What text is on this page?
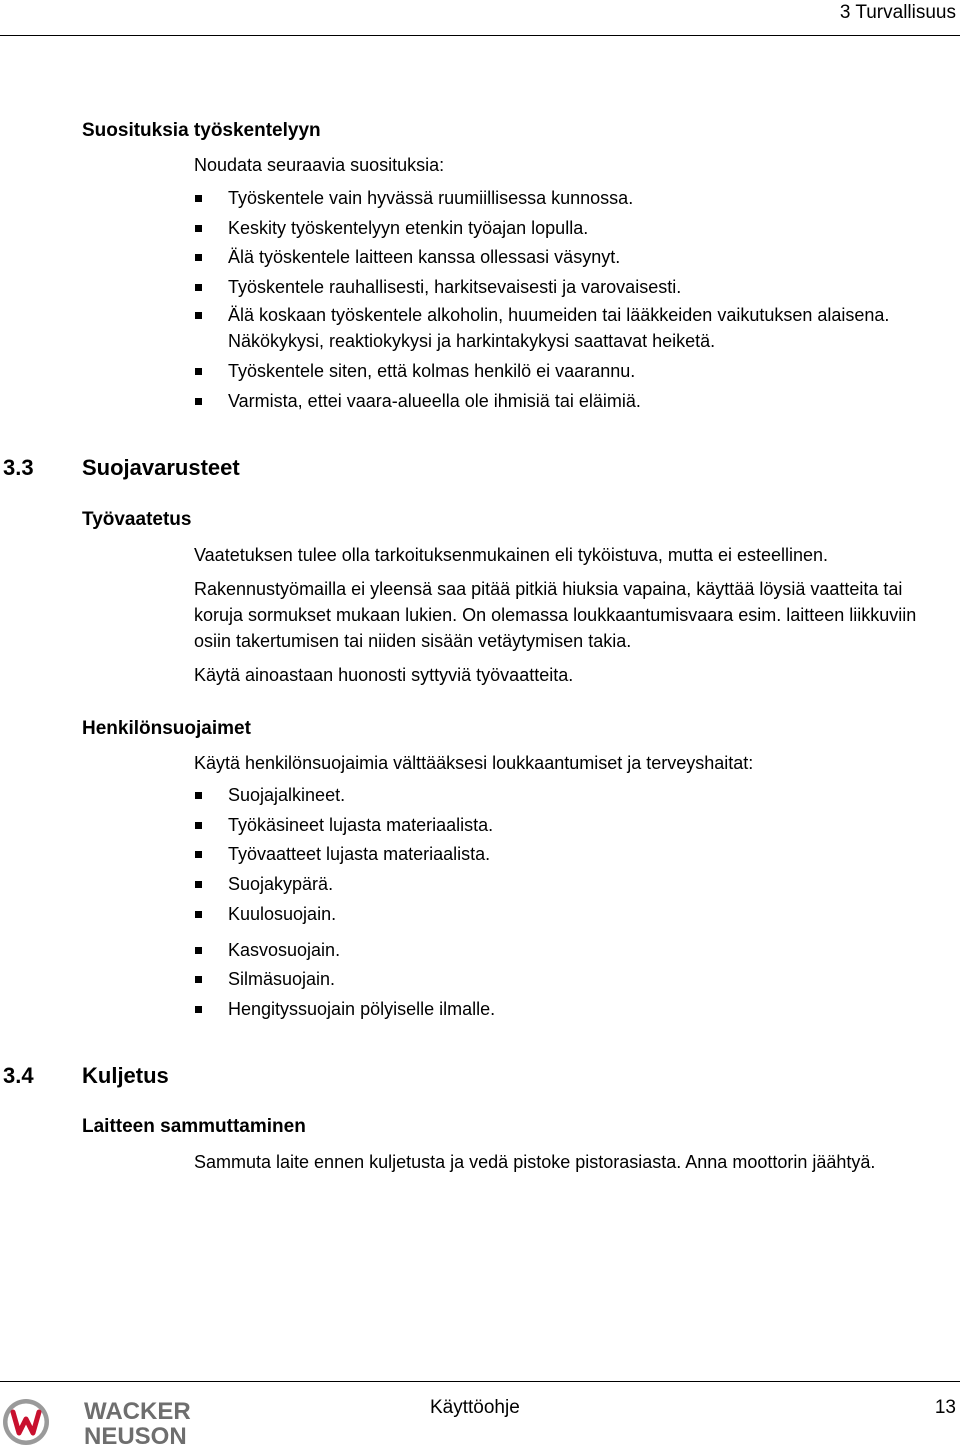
3 Turvallisuus
Suosituksia työskentelyyn

Noudata seuraavia suosituksia:

Työskentele vain hyvässä ruumiillisessa kunnossa.
Keskity työskentelyyn etenkin työajan lopulla.
Älä työskentele laitteen kanssa ollessasi väsynyt.
Työskentele rauhallisesti, harkitsevaisesti ja varovaisesti.
Älä koskaan työskentele alkoholin, huumeiden tai lääkkeiden vaikutuksen alaisena. Näkökykysi, reaktiokykysi ja harkintakykysi saattavat heiketä.
Työskentele siten, että kolmas henkilö ei vaarannu.
Varmista, ettei vaara-alueella ole ihmisiä tai eläimiä.
3.3 Suojavarusteet
Työvaatetus

Vaatetuksen tulee olla tarkoituksenmukainen eli tyköistuva, mutta ei esteellinen.

Rakennustyömailla ei yleensä saa pitää pitkiä hiuksia vapaina, käyttää löysiä vaatteita tai koruja sormukset mukaan lukien. On olemassa loukkaantumisvaara esim. laitteen liikkuviin osiin takertumisen tai niiden sisään vetäytymisen takia.

Käytä ainoastaan huonosti syttyviä työvaatteita.

Henkilönsuojaimet

Käytä henkilönsuojaimia välttääksesi loukkaantumiset ja terveyshaitat:

Suojajalkineet.
Työkäsineet lujasta materiaalista.
Työvaatteet lujasta materiaalista.
Suojakypärä.
Kuulosuojain.
Kasvosuojain.
Silmäsuojain.
Hengityssuojain pölyiselle ilmalle.
3.4 Kuljetus
Laitteen sammuttaminen
Sammuta laite ennen kuljetusta ja vedä pistoke pistorasiasta. Anna moottorin jäähtyä.
WACKER
NEUSON
Käyttöohje	13
